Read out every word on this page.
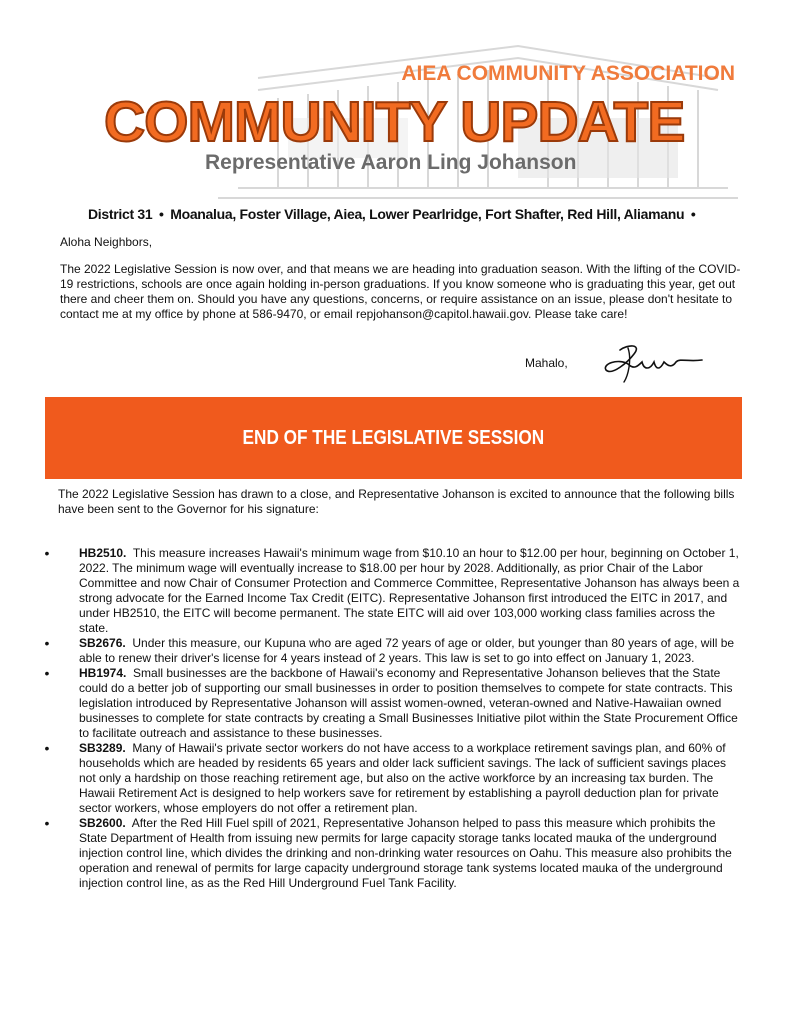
AIEA COMMUNITY ASSOCIATION
COMMUNITY UPDATE
Representative Aaron Ling Johanson
District 31 • Moanalua, Foster Village, Aiea, Lower Pearlridge, Fort Shafter, Red Hill, Aliamanu •

Aloha Neighbors,

The 2022 Legislative Session is now over, and that means we are heading into graduation season. With the lifting of the COVID-19 restrictions, schools are once again holding in-person graduations. If you know someone who is graduating this year, get out there and cheer them on. Should you have any questions, concerns, or require assistance on an issue, please don't hesitate to contact me at my office by phone at 586-9470, or email repjohanson@capitol.hawaii.gov. Please take care!

Mahalo,
END OF THE LEGISLATIVE SESSION
The 2022 Legislative Session has drawn to a close, and Representative Johanson is excited to announce that the following bills have been sent to the Governor for his signature:
•	HB2510. This measure increases Hawaii's minimum wage from $10.10 an hour to $12.00 per hour, beginning on October 1, 2022. The minimum wage will eventually increase to $18.00 per hour by 2028. Additionally, as prior Chair of the Labor Committee and now Chair of Consumer Protection and Commerce Committee, Representative Johanson has always been a strong advocate for the Earned Income Tax Credit (EITC). Representative Johanson first introduced the EITC in 2017, and under HB2510, the EITC will become permanent. The state EITC will aid over 103,000 working class families across the state.
•	SB2676. Under this measure, our Kupuna who are aged 72 years of age or older, but younger than 80 years of age, will be able to renew their driver's license for 4 years instead of 2 years. This law is set to go into effect on January 1, 2023.
•	HB1974. Small businesses are the backbone of Hawaii's economy and Representative Johanson believes that the State could do a better job of supporting our small businesses in order to position themselves to compete for state contracts. This legislation introduced by Representative Johanson will assist women-owned, veteran-owned and Native-Hawaiian owned businesses to complete for state contracts by creating a Small Businesses Initiative pilot within the State Procurement Office to facilitate outreach and assistance to these businesses.
•	SB3289. Many of Hawaii's private sector workers do not have access to a workplace retirement savings plan, and 60% of households which are headed by residents 65 years and older lack sufficient savings. The lack of sufficient savings places not only a hardship on those reaching retirement age, but also on the active workforce by an increasing tax burden. The Hawaii Retirement Act is designed to help workers save for retirement by establishing a payroll deduction plan for private sector workers, whose employers do not offer a retirement plan.
•	SB2600. After the Red Hill Fuel spill of 2021, Representative Johanson helped to pass this measure which prohibits the State Department of Health from issuing new permits for large capacity storage tanks located mauka of the underground injection control line, which divides the drinking and non-drinking water resources on Oahu. This measure also prohibits the operation and renewal of permits for large capacity underground storage tank systems located mauka of the underground injection control line, as as the Red Hill Underground Fuel Tank Facility.
